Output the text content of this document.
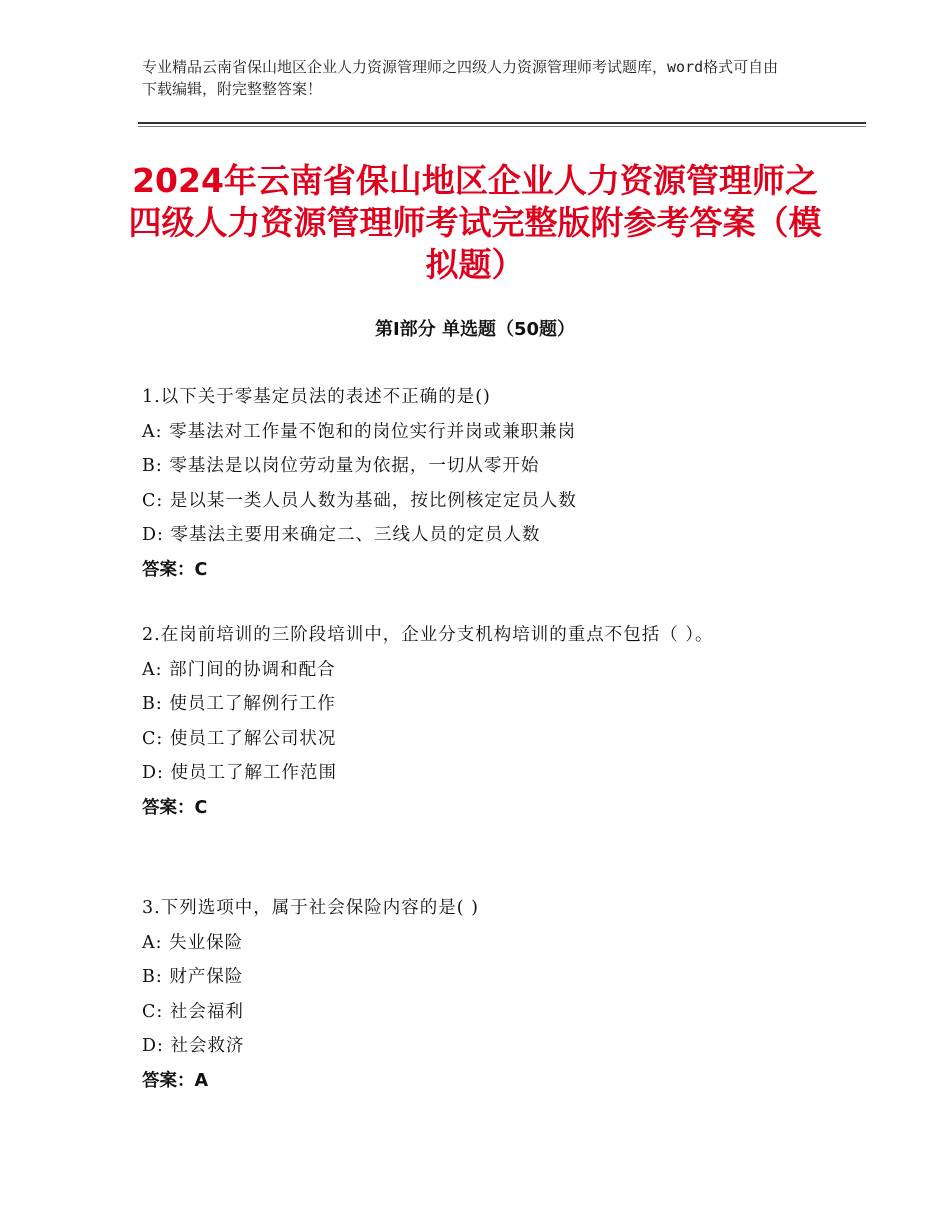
专业精品云南省保山地区企业人力资源管理师之四级人力资源管理师考试题库，word格式可自由下载编辑，附完整整答案！
2024年云南省保山地区企业人力资源管理师之四级人力资源管理师考试完整版附参考答案（模拟题）
第Ⅰ部分 单选题（50题）
1.以下关于零基定员法的表述不正确的是()
A: 零基法对工作量不饱和的岗位实行并岗或兼职兼岗
B: 零基法是以岗位劳动量为依据，一切从零开始
C: 是以某一类人员人数为基础，按比例核定定员人数
D: 零基法主要用来确定二、三线人员的定员人数
答案：C
2.在岗前培训的三阶段培训中，企业分支机构培训的重点不包括（ ）。
A: 部门间的协调和配合
B: 使员工了解例行工作
C: 使员工了解公司状况
D: 使员工了解工作范围
答案：C
3.下列选项中，属于社会保险内容的是( )
A: 失业保险
B: 财产保险
C: 社会福利
D: 社会救济
答案：A
